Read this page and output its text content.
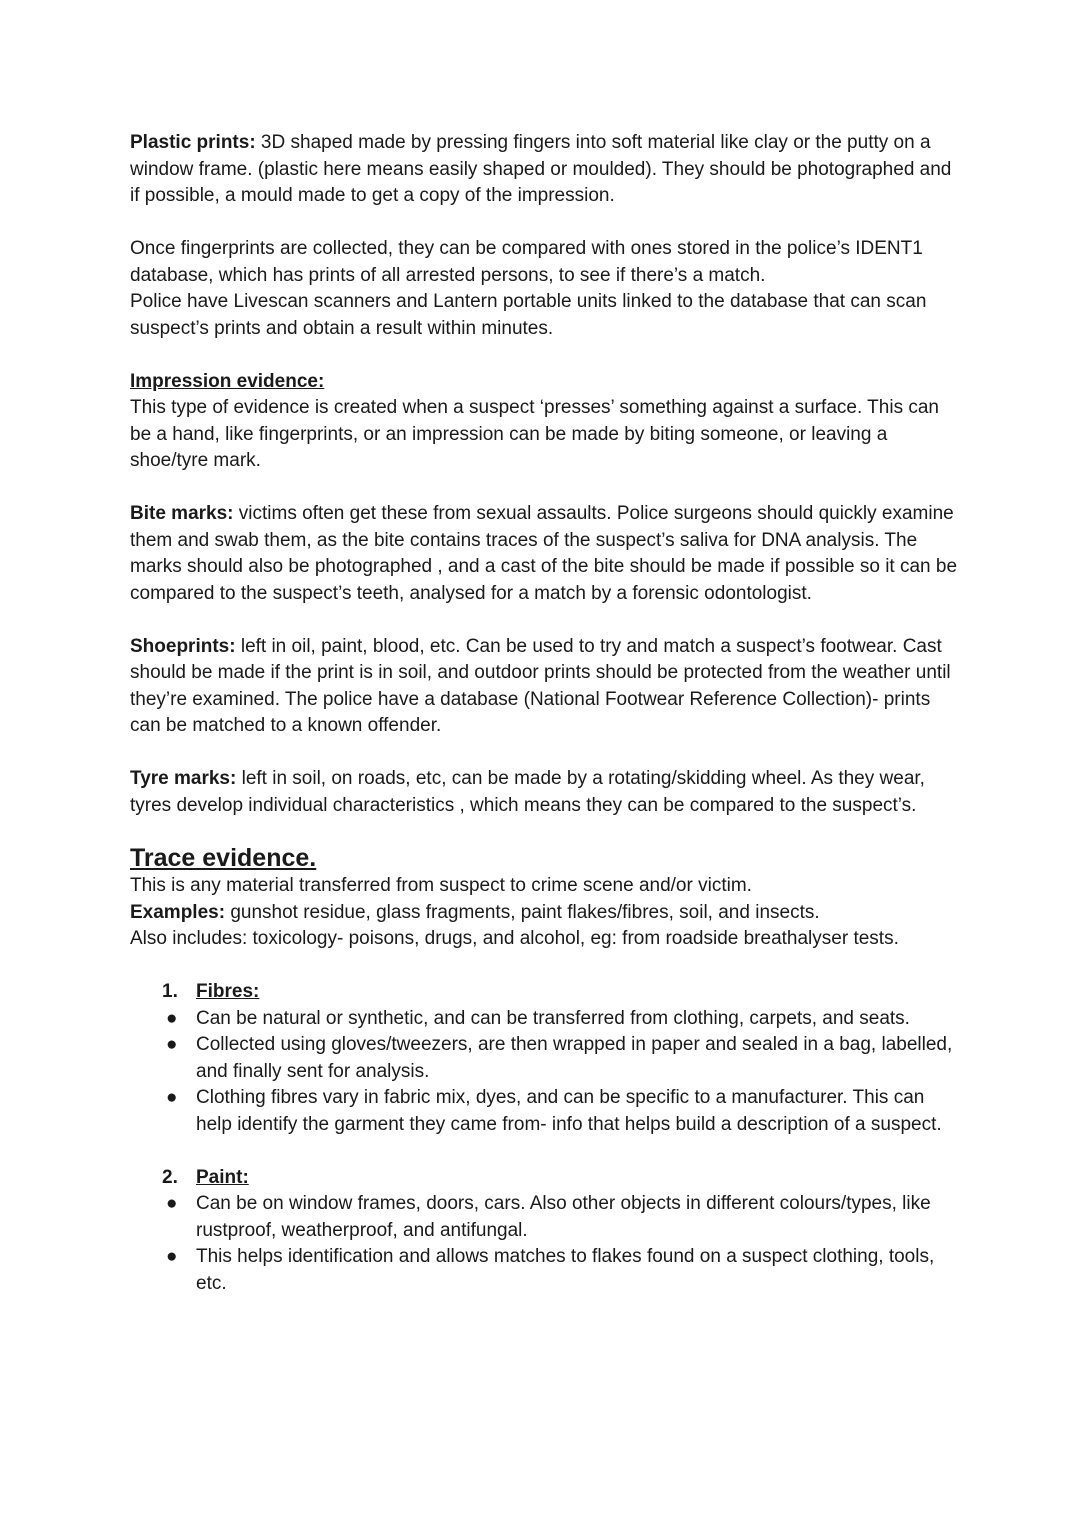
Plastic prints: 3D shaped made by pressing fingers into soft material like clay or the putty on a window frame. (plastic here means easily shaped or moulded). They should be photographed and if possible, a mould made to get a copy of the impression.

Once fingerprints are collected, they can be compared with ones stored in the police’s IDENT1 database, which has prints of all arrested persons, to see if there’s a match.

Police have Livescan scanners and Lantern portable units linked to the database that can scan suspect’s prints and obtain a result within minutes.

Impression evidence:

This type of evidence is created when a suspect ‘presses’ something against a surface. This can be a hand, like fingerprints, or an impression can be made by biting someone, or leaving a shoe/tyre mark.

Bite marks: victims often get these from sexual assaults. Police surgeons should quickly examine them and swab them, as the bite contains traces of the suspect’s saliva for DNA analysis. The marks should also be photographed , and a cast of the bite should be made if possible so it can be compared to the suspect’s teeth, analysed for a match by a forensic odontologist.

Shoeprints: left in oil, paint, blood, etc. Can be used to try and match a suspect’s footwear. Cast should be made if the print is in soil, and outdoor prints should be protected from the weather until they’re examined. The police have a database (National Footwear Reference Collection)- prints can be matched to a known offender.

Tyre marks: left in soil, on roads, etc, can be made by a rotating/skidding wheel. As they wear, tyres develop individual characteristics , which means they can be compared to the suspect’s.

Trace evidence.

This is any material transferred from suspect to crime scene and/or victim.

Examples: gunshot residue, glass fragments, paint flakes/fibres, soil, and insects.

Also includes: toxicology- poisons, drugs, and alcohol, eg: from roadside breathalyser tests.

1. Fibres:
● Can be natural or synthetic, and can be transferred from clothing, carpets, and seats.
● Collected using gloves/tweezers, are then wrapped in paper and sealed in a bag, labelled, and finally sent for analysis.
● Clothing fibres vary in fabric mix, dyes, and can be specific to a manufacturer. This can help identify the garment they came from- info that helps build a description of a suspect.
2. Paint:
● Can be on window frames, doors, cars. Also other objects in different colours/types, like rustproof, weatherproof, and antifungal.
● This helps identification and allows matches to flakes found on a suspect clothing, tools, etc.
